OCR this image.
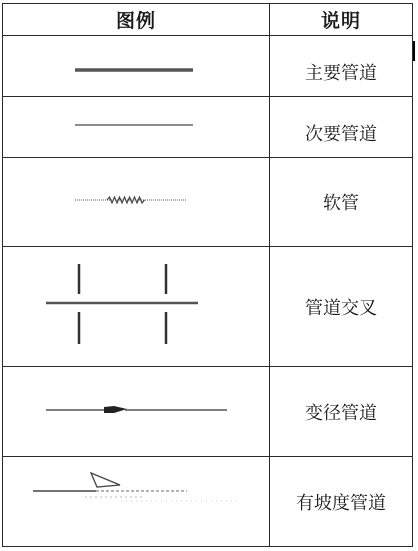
图例	说明

	主要管道

	次要管道

	软管

	管道交叉

	变径管道

	有坡度管道
